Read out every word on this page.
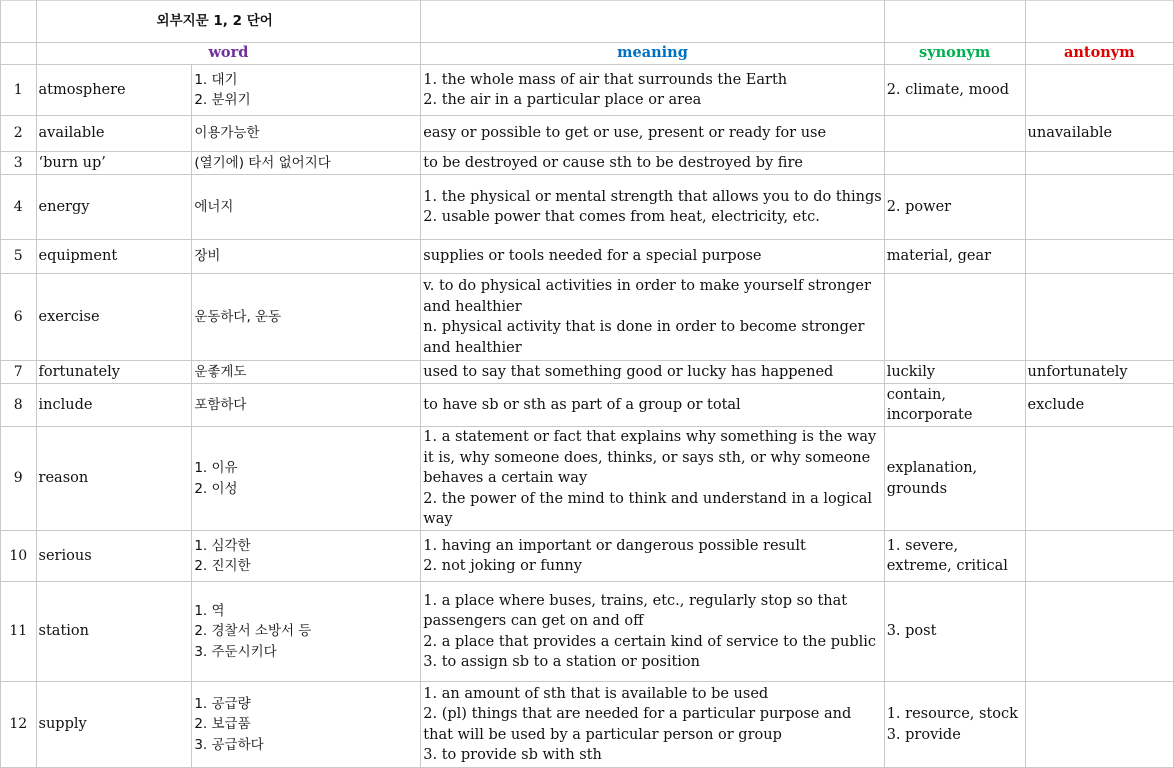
	외부지문 1, 2 단어				
	word		meaning	synonym	antonym

1	atmosphere	1. 대기
2. 분위기	1. the whole mass of air that surrounds the Earth
2. the air in a particular place or area	2. climate, mood	

2	available	이용가능한	easy or possible to get or use, present or ready for use		unavailable

3	‘burn up’	(열기에) 타서 없어지다	to be destroyed or cause sth to be destroyed by fire		

4	energy	에너지	1. the physical or mental strength that allows you to do things
2. usable power that comes from heat, electricity, etc.	2. power	

5	equipment	장비	supplies or tools needed for a special purpose	material, gear	

6	exercise	운동하다, 운동	v. to do physical activities in order to make yourself stronger
and healthier
n. physical activity that is done in order to become stronger
and healthier		

7	fortunately	운좋게도	used to say that something good or lucky has happened	luckily	unfortunately

8	include	포함하다	to have sb or sth as part of a group or total	contain,
incorporate	exclude

9	reason	1. 이유
2. 이성	1. a statement or fact that explains why something is the way
it is, why someone does, thinks, or says sth, or why someone
behaves a certain way
2. the power of the mind to think and understand in a logical
way	explanation,
grounds	

10	serious	1. 심각한
2. 진지한	1. having an important or dangerous possible result
2. not joking or funny	1. severe,
extreme, critical	

11	station	1. 역
2. 경찰서 소방서 등
3. 주둔시키다	1. a place where buses, trains, etc., regularly stop so that
passengers can get on and off
2. a place that provides a certain kind of service to the public
3. to assign sb to a station or position	3. post	

12	supply	1. 공급량
2. 보급품
3. 공급하다	1. an amount of sth that is available to be used
2. (pl) things that are needed for a particular purpose and
that will be used by a particular person or group
3. to provide sb with sth	1. resource, stock
3. provide	
